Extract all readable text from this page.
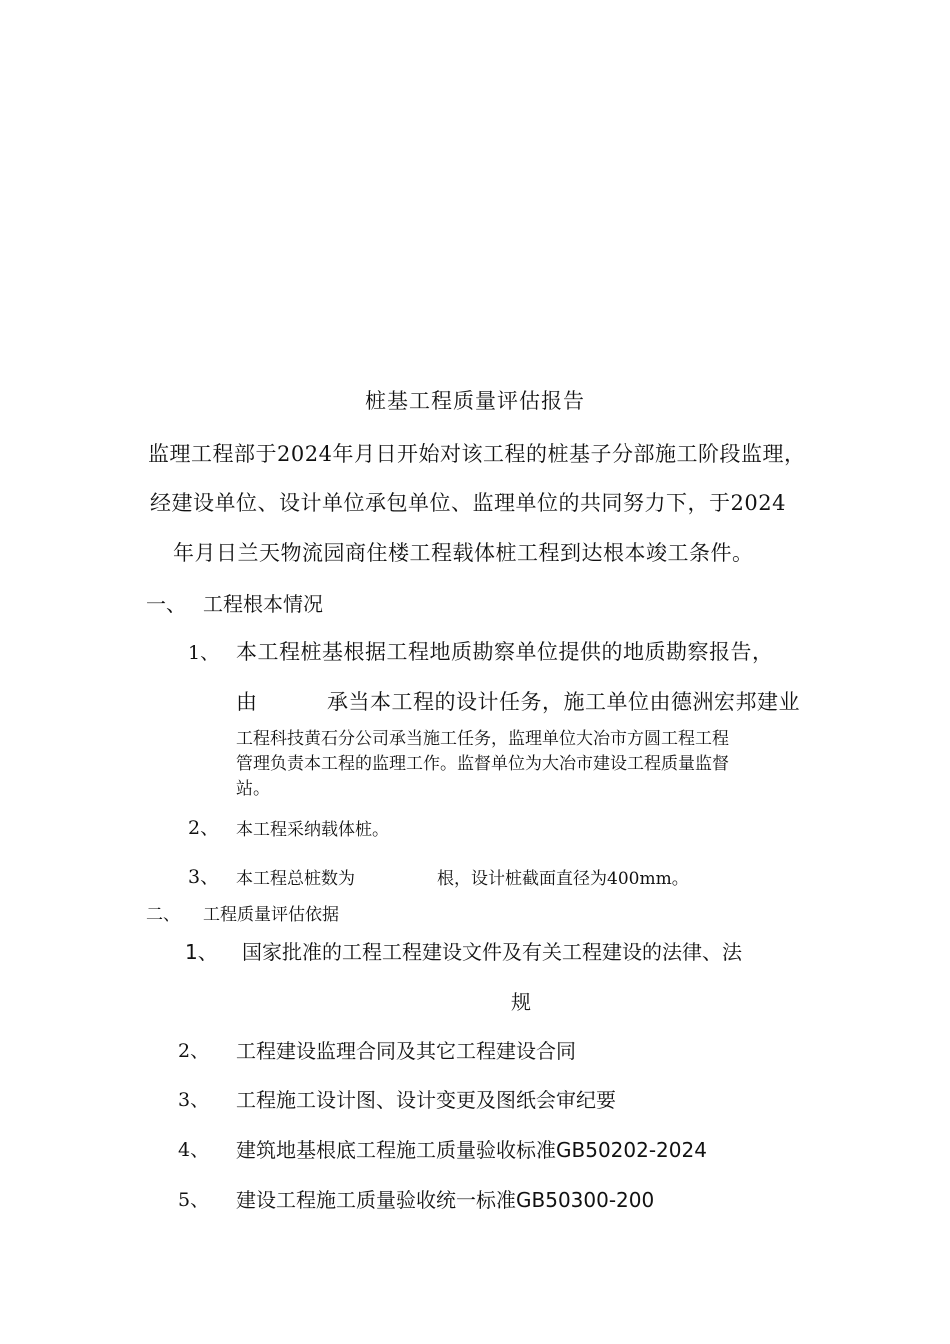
桩基工程质量评估报告
监理工程部于2024年月日开始对该工程的桩基子分部施工阶段监理，
经建设单位、设计单位承包单位、监理单位的共同努力下，于2024
年月日兰天物流园商住楼工程载体桩工程到达根本竣工条件。
一、 工程根本情况
1、 本工程桩基根据工程地质勘察单位提供的地质勘察报告，
由	承当本工程的设计任务，施工单位由德洲宏邦建业
工程科技黄石分公司承当施工任务，监理单位大冶市方圆工程工程
管理负责本工程的监理工作。监督单位为大冶市建设工程质量监督
站。
2、 本工程采纳载体桩。
3、 本工程总桩数为	根，设计桩截面直径为400mm。
二、 工程质量评估依据
1、 国家批准的工程工程建设文件及有关工程建设的法律、法
规
2、 工程建设监理合同及其它工程建设合同
3、 工程施工设计图、设计变更及图纸会审纪要
4、 建筑地基根底工程施工质量验收标准GB50202-2024
5、 建设工程施工质量验收统一标准GB50300-200
